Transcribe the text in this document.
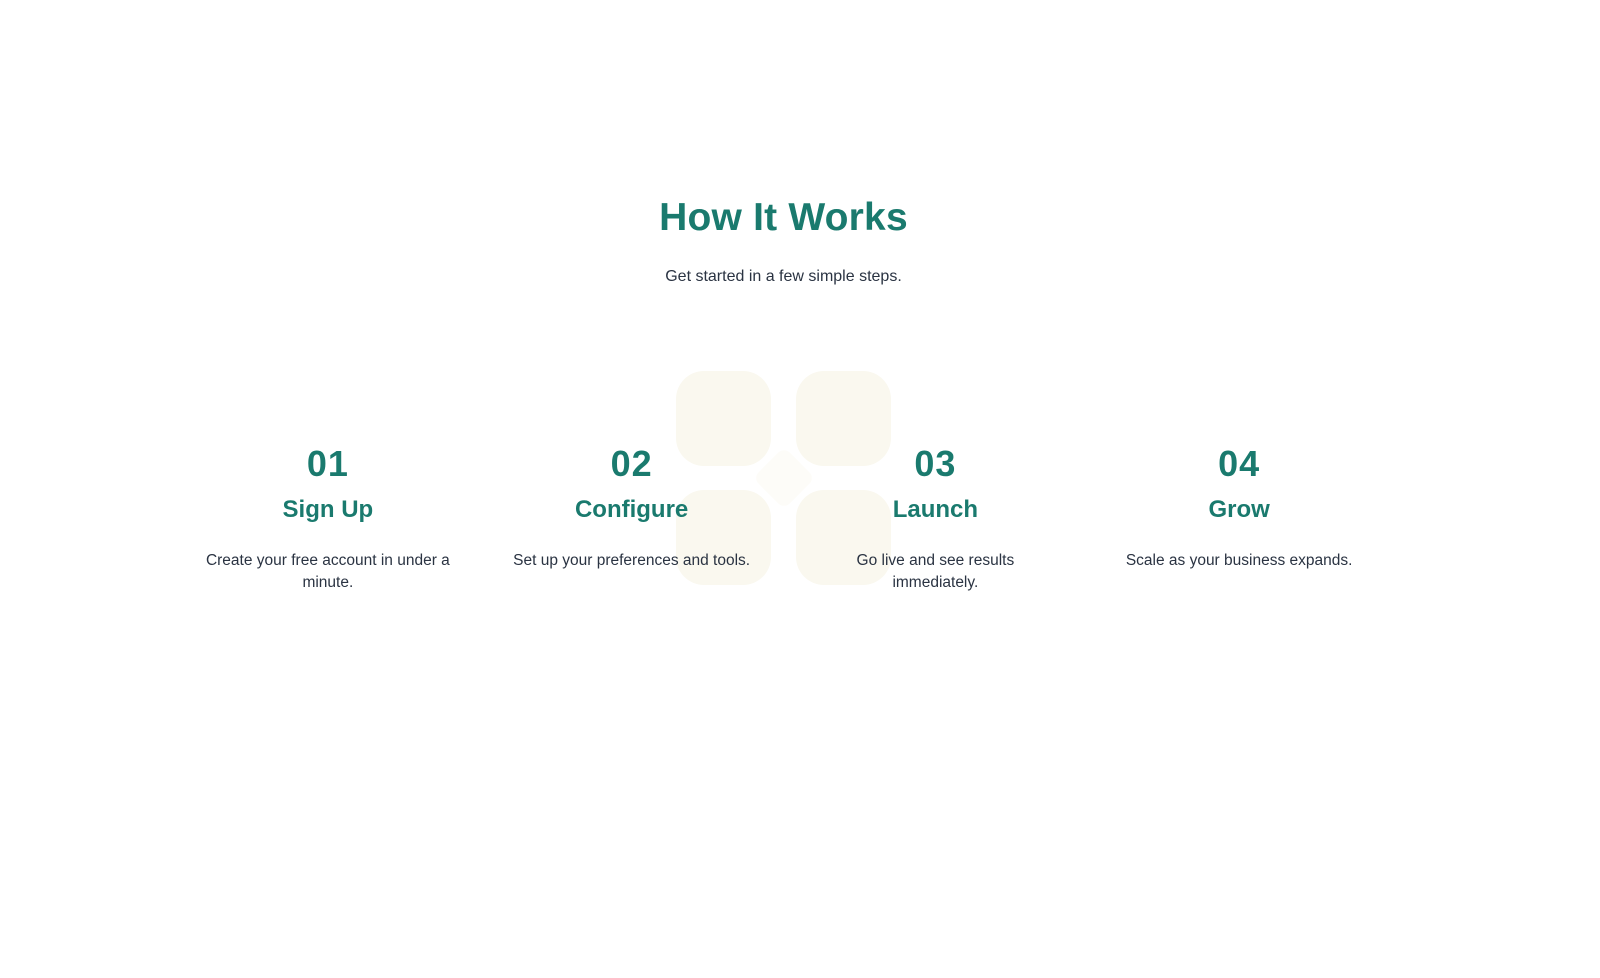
How It Works

Get started in a few simple steps.

01
Sign Up

Create your free account in under a minute.

02
Configure

Set up your preferences and tools.

03
Launch

Go live and see results immediately.

04
Grow

Scale as your business expands.
